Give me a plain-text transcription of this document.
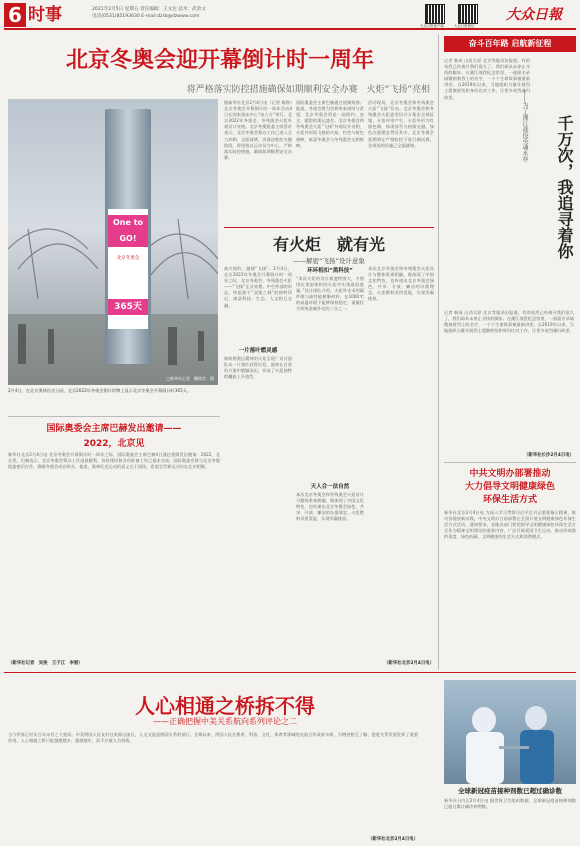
6 时事	2021年2月5日 星期五 责任编辑：王文达 技术：武余文
电话(0531)85193630 E-mail:dzrb@dzwww.com
大众日报客户端	大众日报微信
大众日報
北京冬奥会迎开幕倒计时一周年
将严格落实防控措施确保如期顺利安全办赛　火炬“飞扬”亮相
One to GO!
北京冬奥会
365天
□新华社记者　鞠焕宗　摄
2月4日，在北京奥林匹克公园，北京2022年冬奥会倒计时牌上显示北京冬奥会开幕倒计时365天。
据新华社北京2月4日电（记者 姬烨）北京冬奥会开幕倒计时一周年活动4日在国家游泳中心“冰立方”举行。北京2022年冬奥会、冬残奥会火炬外观设计亮相。北京冬奥组委主席蔡奇表示，北京冬奥会筹办工作已进入全力冲刺、全面就绪、决战决胜的关键阶段。将坚持以运动员为中心，严格落实防控措施，确保如期顺利安全办赛。
国际奥委会主席巴赫通过视频致辞。他说，冬奥会将为世界带来团结与希望。北京冬奥会将是一届简约、安全、精彩的奥运盛会。北京冬奥会和冬残奥会火炬“飞扬”外观设计亮相，火炬外形似飞扬的火焰，红色与银色相映，寓意冬奥会与冬残奥会交相辉映。
活动现场，北京冬奥会和冬残奥会火炬“飞扬”发布。北京冬奥会和冬残奥会火炬造型设计方案由全球征集、专家评审产生。火炬外形为红银色调，体现冰雪与热情交融，绿色办奥理念贯穿其中。北京冬奥会延期将在严格防控下进行测试赛，各项场馆设施已全面就绪。
有火炬　就有光
——解密“飞扬”设计意象
战火相约，激情“飞扬”。2月4日，北京2022年冬奥会开幕倒计时一周年之际，北京冬奥会、冬残奥会火炬——“飞扬”正式亮相。中空外部的形态，构思源于“双奥之城”的独特印记，寓意科技、生态、人文相互交融。
一片落叶燃灵感
如何将奥运精神用火炬呈现？设计团队从一片落叶获得启发，最终在百余份方案中脱颖而出，形成了火炬独特的螺旋上升造型。
环环相扣“黑科技”
“本次火炬的设计难度特别大，力图用在类似体积的火炬中实现最轻重量。”设计团队介绍，火炬外壳采用碳纤维与高性能树脂材料，在1000℃的高温环境下能够保持稳定，重量仅为传统金属外壳的三分之一。
天人合一法自然
本次北京冬奥会和冬残奥会火炬设计与整体景观相融，既体现了中国文化特色，也传递出北京冬奥会绿色、共享、开放、廉洁的办奥理念。火炬燃料采用氢能，实现零碳排放。
本次北京冬奥会和冬残奥会火炬设计与整体景观相融，既体现了中国文化特色，也传递出北京冬奥会绿色、共享、开放、廉洁的办奥理念。火炬燃料采用氢能，实现零碳排放。
（新华社北京2月4日电）
国际奥委会主席巴赫发出邀请——
2022，北京见
新华社北京2月4日电 北京冬奥会开幕倒计时一周年之际，国际奥委会主席巴赫4日通过视频发出邀请：2022，北京见。巴赫表示，北京冬奥会筹办工作进展顺利，场馆建设和各项准备工作已基本完成。国际奥委会将与北京冬奥组委密切合作，确保冬奥会成功举办。他说，奥林匹克运动的意义在于团结，希望全世界运动员在北京相聚。
（新华社记者　吴俊　王子江　李丽）
奋斗百年路 启航新征程
记者 韩成 山西太原 北京等地采访报道。有的英烈已经离开我们很久了，我们却从未停止寻找的脚步。在湘江战役纪念馆里，一面面名录墙镌刻着烈士的名字，一个个生命故事被重新讲述。自2019年以来，当地组织力量开展烈士遗骸收殓和身份比对工作，让更多英烈魂归故里。
千万次，我追寻着你
——为了湘江战役英魂永存
记者 韩成 山西太原 北京等地采访报道。有的英烈已经离开我们很久了，我们却从未停止寻找的脚步。在湘江战役纪念馆里，一面面名录墙镌刻着烈士的名字，一个个生命故事被重新讲述。自2019年以来，当地组织力量开展烈士遗骸收殓和身份比对工作，让更多英烈魂归故里。
（新华社长沙2月4日电）
中共文明办部署推动
大力倡导文明健康绿色
环保生活方式
新华社北京2月4日电 为深入学习贯彻习近平总书记重要指示精神，推动各地创新实践，中央文明办日前部署在全国开展文明健康绿色环保生活方式活动。通知要求，各地各部门要把倡导文明健康绿色环保生活方式作为精神文明建设的重要内容，广泛开展爱国卫生运动，推动形成简约适度、绿色低碳、文明健康的生活方式和消费模式。
人心相通之桥拆不得
——正确把握中美关系航向系列评论之二
当今世界正经历百年未有之大变局。中美两国人民友好往来源远流长，人文交流是两国关系的基石。长期以来，两国人民在教育、科技、文化、体育等领域的交流合作成果丰硕，为增进相互了解、促进关系发展发挥了重要作用。人心相通之桥只能越建越多、越建越牢，而不应被人为拆毁。
（新华社北京2月4日电）
全球新冠疫苗接种剂数已超过确诊数
新华社日内瓦2月4日电 据世界卫生组织数据，全球新冠疫苗接种剂数已超过累计确诊病例数。
